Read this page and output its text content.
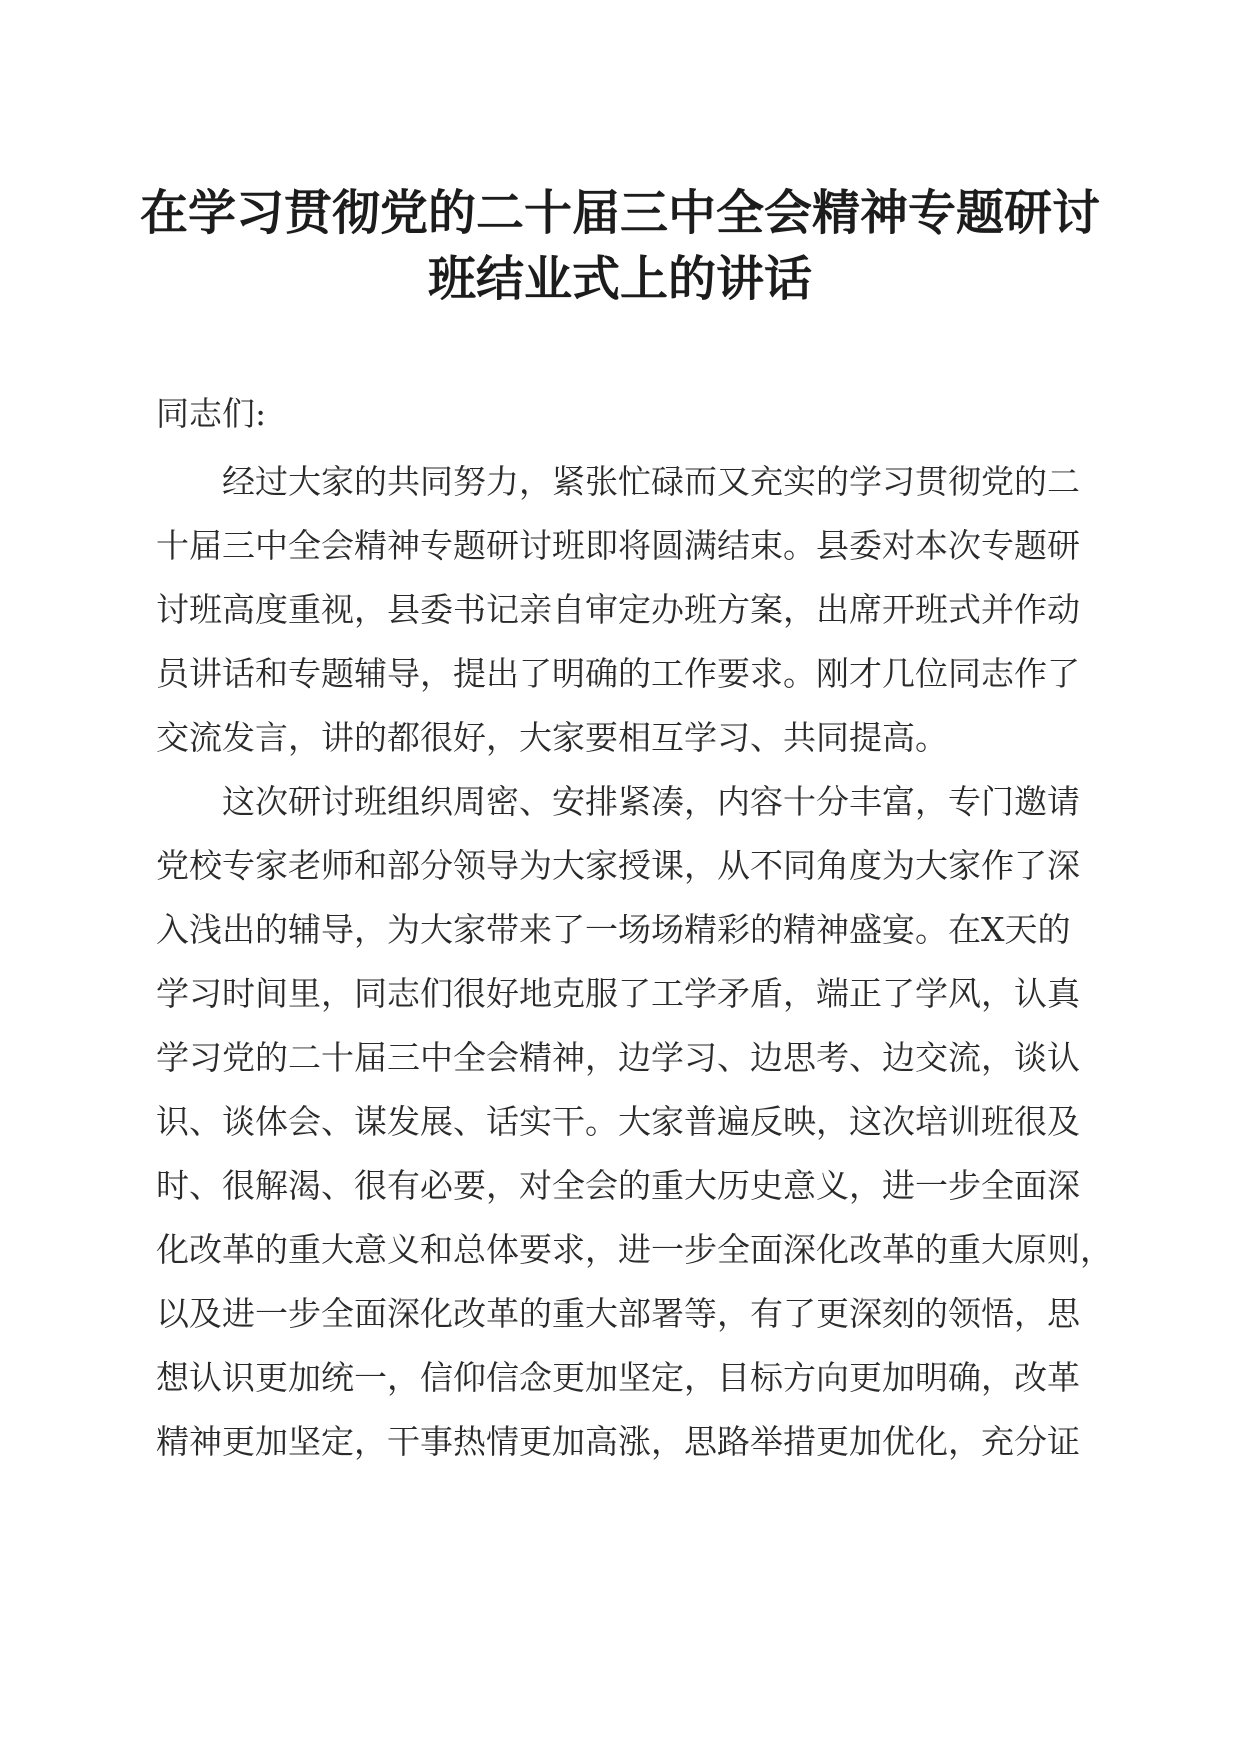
在学习贯彻党的二十届三中全会精神专题研讨
班结业式上的讲话
同志们:
经过大家的共同努力，紧张忙碌而又充实的学习贯彻党的二
十届三中全会精神专题研讨班即将圆满结束。县委对本次专题研
讨班高度重视，县委书记亲自审定办班方案，出席开班式并作动
员讲话和专题辅导，提出了明确的工作要求。刚才几位同志作了
交流发言，讲的都很好，大家要相互学习、共同提高。
这次研讨班组织周密、安排紧凑，内容十分丰富，专门邀请
党校专家老师和部分领导为大家授课，从不同角度为大家作了深
入浅出的辅导，为大家带来了一场场精彩的精神盛宴。在X天的
学习时间里，同志们很好地克服了工学矛盾，端正了学风，认真
学习党的二十届三中全会精神，边学习、边思考、边交流，谈认
识、谈体会、谋发展、话实干。大家普遍反映，这次培训班很及
时、很解渴、很有必要，对全会的重大历史意义，进一步全面深
化改革的重大意义和总体要求，进一步全面深化改革的重大原则，
以及进一步全面深化改革的重大部署等，有了更深刻的领悟，思
想认识更加统一，信仰信念更加坚定，目标方向更加明确，改革
精神更加坚定，干事热情更加高涨，思路举措更加优化，充分证
